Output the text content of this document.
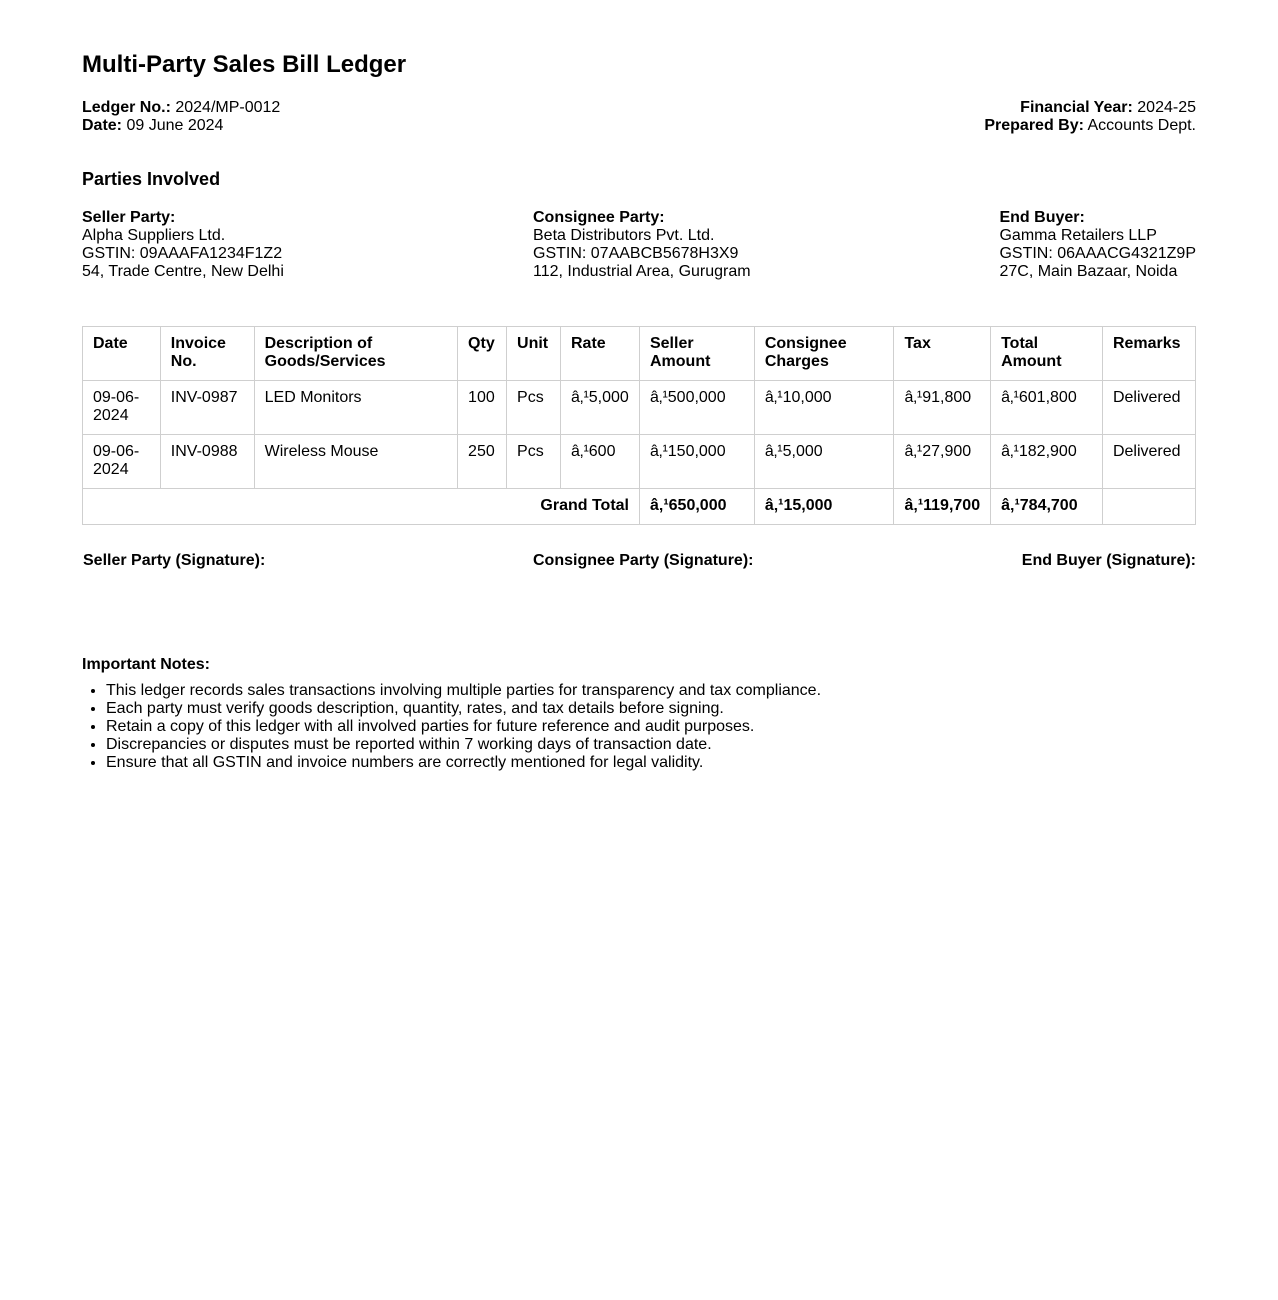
Multi-Party Sales Bill Ledger
Ledger No.: 2024/MP-0012
Date: 09 June 2024
Financial Year: 2024-25
Prepared By: Accounts Dept.
Parties Involved
Seller Party:
Alpha Suppliers Ltd.
GSTIN: 09AAAFA1234F1Z2
54, Trade Centre, New Delhi
Consignee Party:
Beta Distributors Pvt. Ltd.
GSTIN: 07AABCB5678H3X9
112, Industrial Area, Gurugram
End Buyer:
Gamma Retailers LLP
GSTIN: 06AAACG4321Z9P
27C, Main Bazaar, Noida
Date	Invoice No.	Description of Goods/Services	Qty	Unit	Rate	Seller Amount	Consignee Charges	Tax	Total Amount	Remarks
09-06-2024	INV-0987	LED Monitors	100	Pcs	â‚¹5,000	â‚¹500,000	â‚¹10,000	â‚¹91,800	â‚¹601,800	Delivered
09-06-2024	INV-0988	Wireless Mouse	250	Pcs	â‚¹600	â‚¹150,000	â‚¹5,000	â‚¹27,900	â‚¹182,900	Delivered
Grand Total						â‚¹650,000	â‚¹15,000	â‚¹119,700	â‚¹784,700	
Seller Party (Signature):	Consignee Party (Signature):	End Buyer (Signature):
Important Notes:
• This ledger records sales transactions involving multiple parties for transparency and tax compliance.
• Each party must verify goods description, quantity, rates, and tax details before signing.
• Retain a copy of this ledger with all involved parties for future reference and audit purposes.
• Discrepancies or disputes must be reported within 7 working days of transaction date.
• Ensure that all GSTIN and invoice numbers are correctly mentioned for legal validity.
